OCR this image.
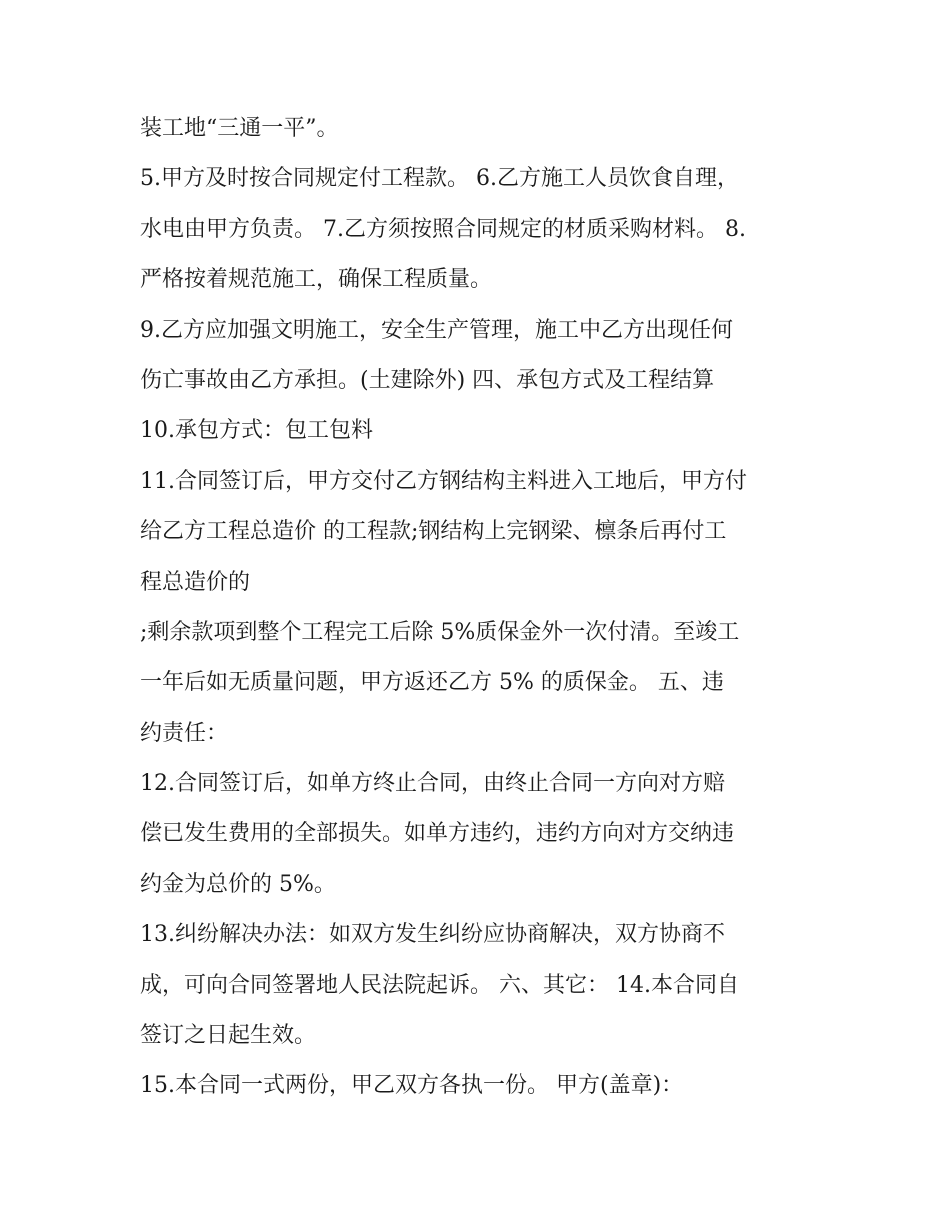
装工地“三通一平”。
5.甲方及时按合同规定付工程款。 6.乙方施工人员饮食自理，
水电由甲方负责。 7.乙方须按照合同规定的材质采购材料。 8.
严格按着规范施工，确保工程质量。
9.乙方应加强文明施工，安全生产管理，施工中乙方出现任何
伤亡事故由乙方承担。(土建除外) 四、承包方式及工程结算
10.承包方式：包工包料
11.合同签订后，甲方交付乙方钢结构主料进入工地后，甲方付
给乙方工程总造价 的工程款;钢结构上完钢梁、檩条后再付工
程总造价的
;剩余款项到整个工程完工后除 5%质保金外一次付清。至竣工
一年后如无质量问题，甲方返还乙方 5% 的质保金。 五、违
约责任：
12.合同签订后，如单方终止合同，由终止合同一方向对方赔
偿已发生费用的全部损失。如单方违约，违约方向对方交纳违
约金为总价的 5%。
13.纠纷解决办法：如双方发生纠纷应协商解决，双方协商不
成，可向合同签署地人民法院起诉。 六、其它： 14.本合同自
签订之日起生效。
15.本合同一式两份，甲乙双方各执一份。 甲方(盖章)：
